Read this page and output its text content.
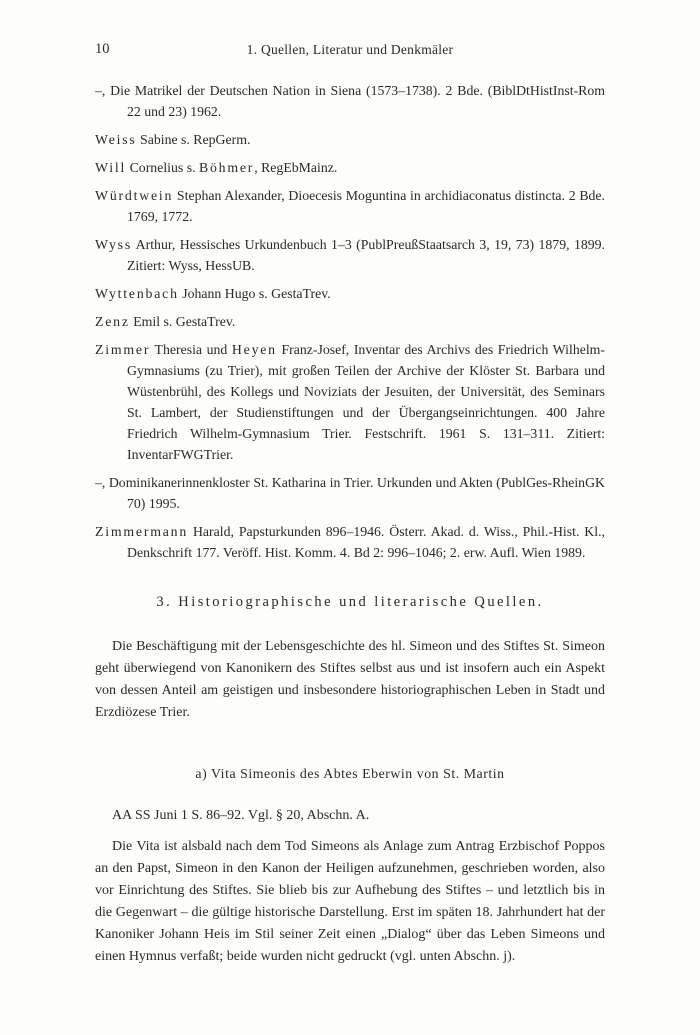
10	1. Quellen, Literatur und Denkmäler

–, Die Matrikel der Deutschen Nation in Siena (1573–1738). 2 Bde. (BiblDtHistInst-Rom 22 und 23) 1962.

Weiss Sabine s. RepGerm.

Will Cornelius s. Böhmer, RegEbMainz.

Würdtwein Stephan Alexander, Dioecesis Moguntina in archidiaconatus distincta. 2 Bde. 1769, 1772.

Wyss Arthur, Hessisches Urkundenbuch 1–3 (PublPreußStaatsarch 3, 19, 73) 1879, 1899. Zitiert: Wyss, HessUB.

Wyttenbach Johann Hugo s. GestaTrev.

Zenz Emil s. GestaTrev.

Zimmer Theresia und Heyen Franz-Josef, Inventar des Archivs des Friedrich Wilhelm-Gymnasiums (zu Trier), mit großen Teilen der Archive der Klöster St. Barbara und Wüstenbrühl, des Kollegs und Noviziats der Jesuiten, der Universität, des Seminars St. Lambert, der Studienstiftungen und der Übergangseinrichtungen. 400 Jahre Friedrich Wilhelm-Gymnasium Trier. Festschrift. 1961 S. 131–311. Zitiert: InventarFWGTrier.

–, Dominikanerinnenkloster St. Katharina in Trier. Urkunden und Akten (PublGes-RheinGK 70) 1995.

Zimmermann Harald, Papsturkunden 896–1946. Österr. Akad. d. Wiss., Phil.-Hist. Kl., Denkschrift 177. Veröff. Hist. Komm. 4. Bd 2: 996–1046; 2. erw. Aufl. Wien 1989.

3. Historiographische und literarische Quellen.

Die Beschäftigung mit der Lebensgeschichte des hl. Simeon und des Stiftes St. Simeon geht überwiegend von Kanonikern des Stiftes selbst aus und ist insofern auch ein Aspekt von dessen Anteil am geistigen und insbesondere historiographischen Leben in Stadt und Erzdiözese Trier.

a) Vita Simeonis des Abtes Eberwin von St. Martin

AA SS Juni 1 S. 86–92. Vgl. § 20, Abschn. A.

Die Vita ist alsbald nach dem Tod Simeons als Anlage zum Antrag Erzbischof Poppos an den Papst, Simeon in den Kanon der Heiligen aufzunehmen, geschrieben worden, also vor Einrichtung des Stiftes. Sie blieb bis zur Aufhebung des Stiftes – und letztlich bis in die Gegenwart – die gültige historische Darstellung. Erst im späten 18. Jahrhundert hat der Kanoniker Johann Heis im Stil seiner Zeit einen „Dialog“ über das Leben Simeons und einen Hymnus verfaßt; beide wurden nicht gedruckt (vgl. unten Abschn. j).
